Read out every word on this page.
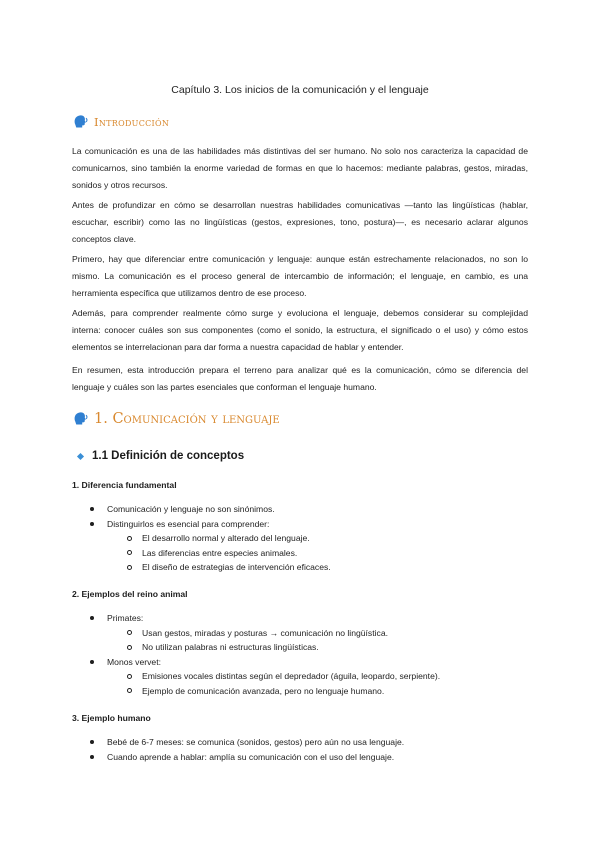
Capítulo 3. Los inicios de la comunicación y el lenguaje
Introducción

La comunicación es una de las habilidades más distintivas del ser humano. No solo nos caracteriza la capacidad de comunicarnos, sino también la enorme variedad de formas en que lo hacemos: mediante palabras, gestos, miradas, sonidos y otros recursos.

Antes de profundizar en cómo se desarrollan nuestras habilidades comunicativas —tanto las lingüísticas (hablar, escuchar, escribir) como las no lingüísticas (gestos, expresiones, tono, postura)—, es necesario aclarar algunos conceptos clave.

Primero, hay que diferenciar entre comunicación y lenguaje: aunque están estrechamente relacionados, no son lo mismo. La comunicación es el proceso general de intercambio de información; el lenguaje, en cambio, es una herramienta específica que utilizamos dentro de ese proceso.

Además, para comprender realmente cómo surge y evoluciona el lenguaje, debemos considerar su complejidad interna: conocer cuáles son sus componentes (como el sonido, la estructura, el significado o el uso) y cómo estos elementos se interrelacionan para dar forma a nuestra capacidad de hablar y entender.

En resumen, esta introducción prepara el terreno para analizar qué es la comunicación, cómo se diferencia del lenguaje y cuáles son las partes esenciales que conforman el lenguaje humano.

1. Comunicación y lenguaje
1.1 Definición de conceptos
1. Diferencia fundamental
Comunicación y lenguaje no son sinónimos.
Distinguirlos es esencial para comprender:
El desarrollo normal y alterado del lenguaje.
Las diferencias entre especies animales.
El diseño de estrategias de intervención eficaces.
2. Ejemplos del reino animal
Primates:
Usan gestos, miradas y posturas → comunicación no lingüística.
No utilizan palabras ni estructuras lingüísticas.
Monos vervet:
Emisiones vocales distintas según el depredador (águila, leopardo, serpiente).
Ejemplo de comunicación avanzada, pero no lenguaje humano.
3. Ejemplo humano
Bebé de 6-7 meses: se comunica (sonidos, gestos) pero aún no usa lenguaje.
Cuando aprende a hablar: amplía su comunicación con el uso del lenguaje.
